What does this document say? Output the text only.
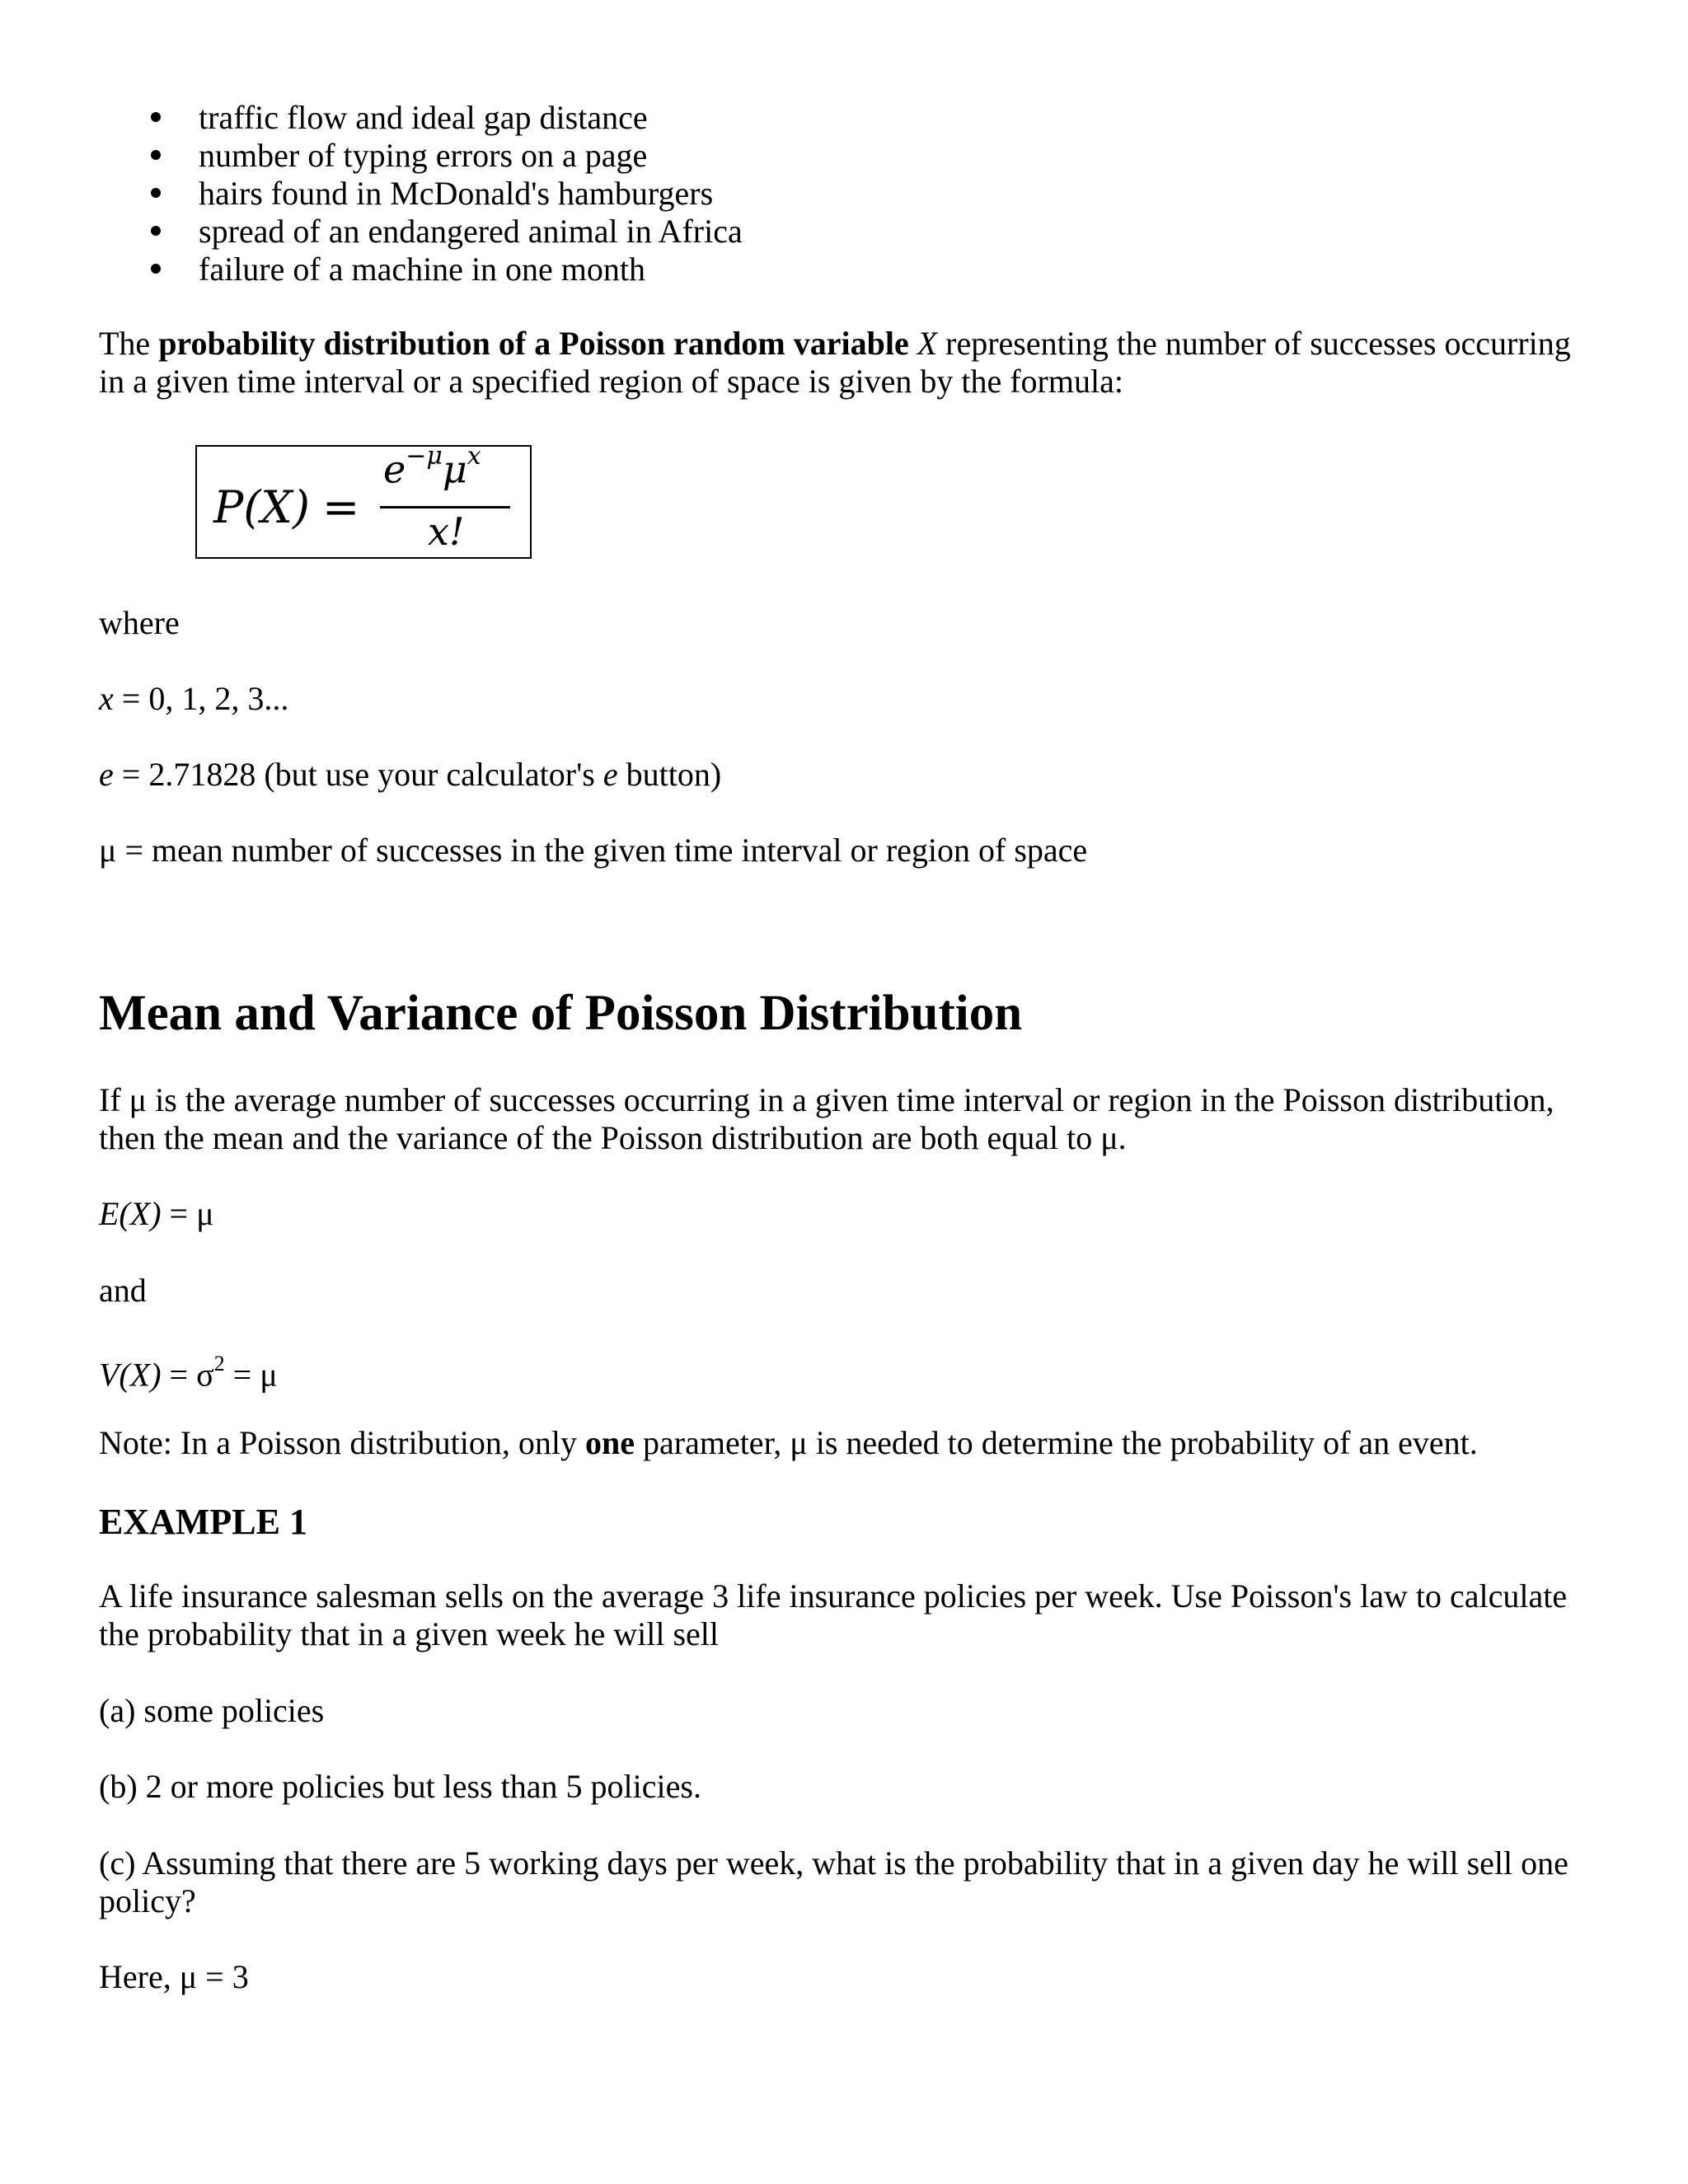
traffic flow and ideal gap distance
number of typing errors on a page
hairs found in McDonald's hamburgers
spread of an endangered animal in Africa
failure of a machine in one month

The probability distribution of a Poisson random variable X representing the number of successes occurring in a given time interval or a specified region of space is given by the formula:

P(X) =
$e^{-\mu}\mu^x$
x!

where

x = 0, 1, 2, 3...

e = 2.71828 (but use your calculator's e button)

μ = mean number of successes in the given time interval or region of space

Mean and Variance of Poisson Distribution

If μ is the average number of successes occurring in a given time interval or region in the Poisson distribution, then the mean and the variance of the Poisson distribution are both equal to μ.

E(X) = μ

and

$V(X) = \sigma^2 = \mu$

Note: In a Poisson distribution, only one parameter, μ is needed to determine the probability of an event.

EXAMPLE 1

A life insurance salesman sells on the average 3 life insurance policies per week. Use Poisson's law to calculate the probability that in a given week he will sell

(a) some policies

(b) 2 or more policies but less than 5 policies.

(c) Assuming that there are 5 working days per week, what is the probability that in a given day he will sell one policy?

Here, μ = 3
